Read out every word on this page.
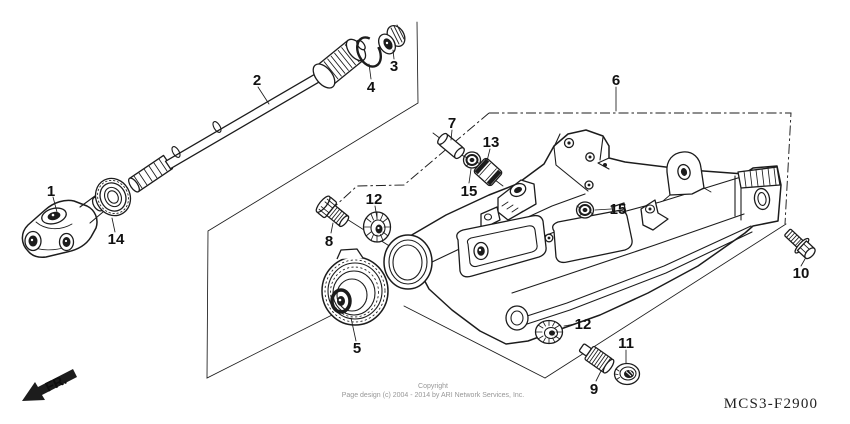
1
2
3
4
5
6
7
8
9
10
11
12
12
13
14
15
15
FR.	Copyright
Page design (c) 2004 - 2014 by ARI Network Services, Inc.
MCS3-F2900
